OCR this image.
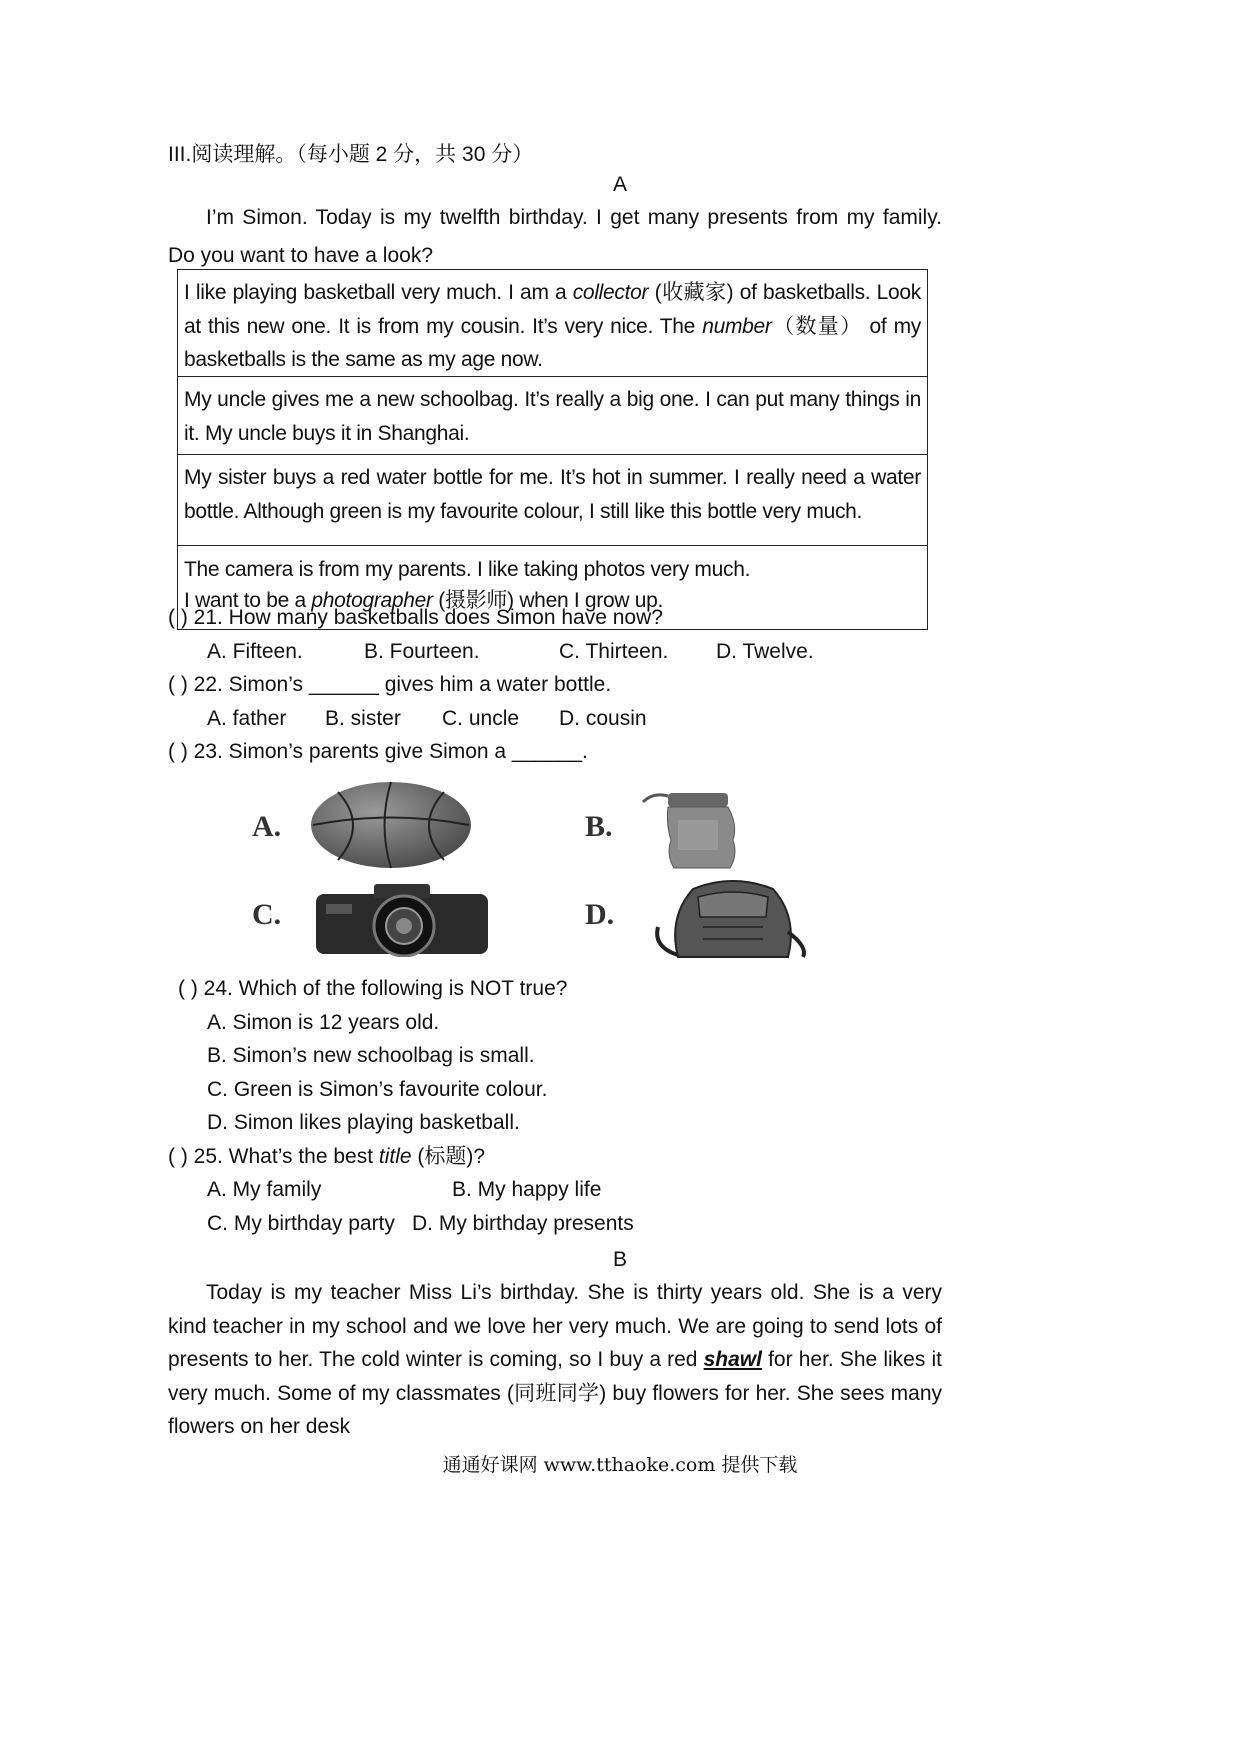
III.阅读理解。（每小题 2 分，共 30 分）
A
I’m Simon. Today is my twelfth birthday. I get many presents from my family. Do you want to have a look?
I like playing basketball very much. I am a collector (收藏家) of basketballs. Look at this new one. It is from my cousin. It’s very nice. The number（数量） of my basketballs is the same as my age now.
My uncle gives me a new schoolbag. It’s really a big one. I can put many things in it. My uncle buys it in Shanghai.
My sister buys a red water bottle for me. It’s hot in summer. I really need a water bottle. Although green is my favourite colour, I still like this bottle very much.
The camera is from my parents. I like taking photos very much.
I want to be a photographer (摄影师) when I grow up.
( ) 21. How many basketballs does Simon have now?
A. Fifteen.	B. Fourteen.	C. Thirteen. D. Twelve.
( ) 22. Simon’s ______ gives him a water bottle.
A. father B. sister C. uncle D. cousin
( ) 23. Simon’s parents give Simon a ______.
A.	B.
C.	D.
( ) 24. Which of the following is NOT true?
A. Simon is 12 years old.
B. Simon’s new schoolbag is small.
C. Green is Simon’s favourite colour.
D. Simon likes playing basketball.
( ) 25. What’s the best title (标题)?
A. My family	B. My happy life
C. My birthday party D. My birthday presents
B
Today is my teacher Miss Li’s birthday. She is thirty years old. She is a very kind teacher in my school and we love her very much. We are going to send lots of presents to her. The cold winter is coming, so I buy a red shawl for her. She likes it very much. Some of my classmates (同班同学) buy flowers for her. She sees many flowers on her desk
通通好课网 www.tthaoke.com 提供下载
